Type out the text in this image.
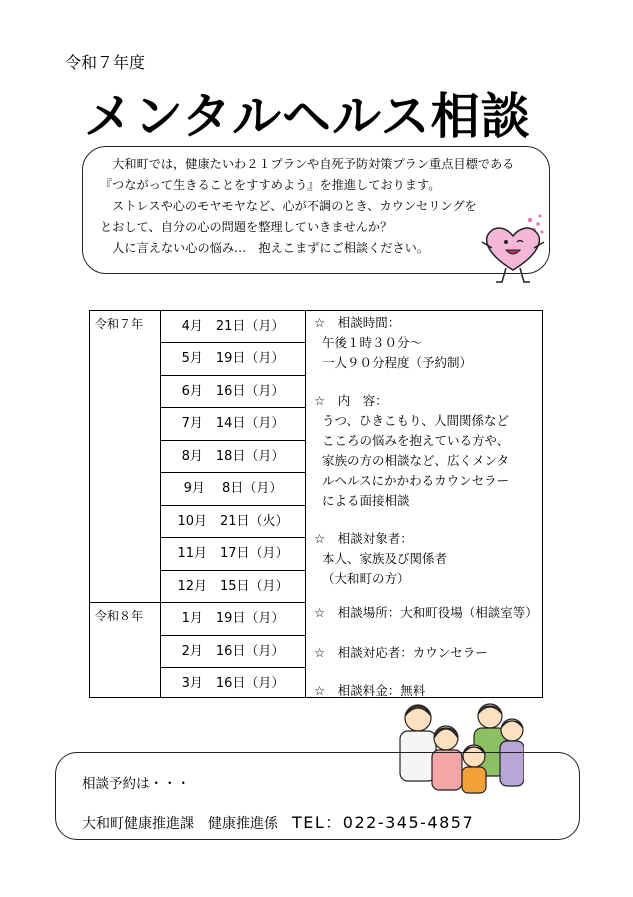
令和７年度
メンタルヘルス相談
　大和町では，健康たいわ２１プランや自死予防対策プラン重点目標である
『つながって生きることをすすめよう』を推進しております。
　ストレスや心のモヤモヤなど、心が不調のとき、カウンセリングを
とおして、自分の心の問題を整理していきませんか？
　人に言えない心の悩み…　抱えこまずにご相談ください。
令和７年
令和８年
4月　21日（月）
5月　19日（月）
6月　16日（月）
7月　14日（月）
8月　18日（月）
9月　 8日（月）
10月　21日（火）
11月　17日（月）
12月　15日（月）
1月　19日（月）
2月　16日（月）
3月　16日（月）
☆　相談時間：
午後１時３０分～
一人９０分程度（予約制）
☆　内　容：
うつ、ひきこもり、人間関係など
こころの悩みを抱えている方や、
家族の方の相談など、広くメンタ
ルヘルスにかかわるカウンセラー
による面接相談
☆　相談対象者：
本人、家族及び関係者
（大和町の方）
☆　相談場所：大和町役場（相談室等）
☆　相談対応者：カウンセラー
☆　相談料金：無料
相談予約は・・・
大和町健康推進課　健康推進係　TEL：022-345-4857
